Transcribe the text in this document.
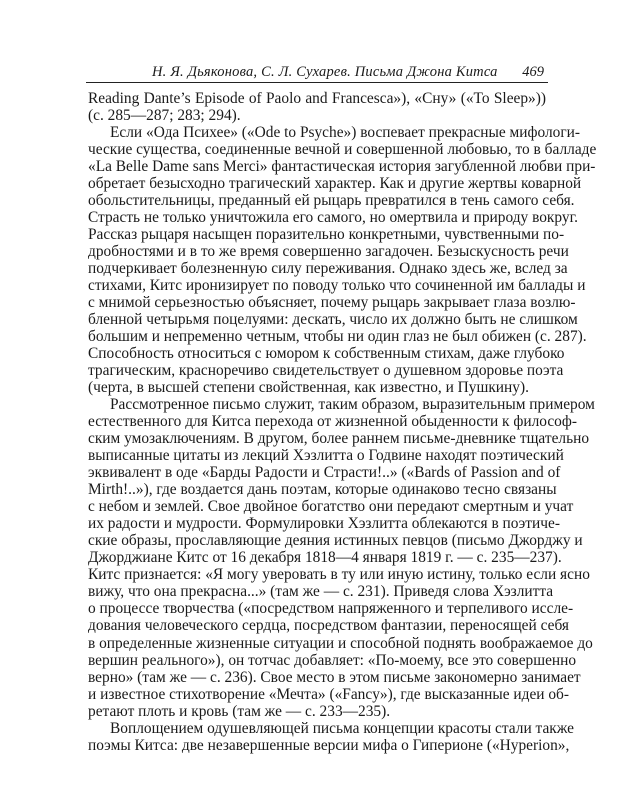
Н. Я. Дьяконова, С. Л. Сухарев. Письма Джона Китса 469
Reading Dante’s Episode of Paolo and Francesca»), «Сну» («To Sleep»))
(с. 285—287; 283; 294).
Если «Ода Психее» («Ode to Psyche») воспевает прекрасные мифологи-
ческие существа, соединенные вечной и совершенной любовью, то в балладе
«La Belle Dame sans Merci» фантастическая история загубленной любви при-
обретает безысходно трагический характер. Как и другие жертвы коварной
обольстительницы, преданный ей рыцарь превратился в тень самого себя.
Страсть не только уничтожила его самого, но омертвила и природу вокруг.
Рассказ рыцаря насыщен поразительно конкретными, чувственными по-
дробностями и в то же время совершенно загадочен. Безыскусность речи
подчеркивает болезненную силу переживания. Однако здесь же, вслед за
стихами, Китс иронизирует по поводу только что сочиненной им баллады и
с мнимой серьезностью объясняет, почему рыцарь закрывает глаза возлю-
бленной четырьмя поцелуями: дескать, число их должно быть не слишком
большим и непременно четным, чтобы ни один глаз не был обижен (с. 287).
Способность относиться с юмором к собственным стихам, даже глубоко
трагическим, красноречиво свидетельствует о душевном здоровье поэта
(черта, в высшей степени свойственная, как известно, и Пушкину).
Рассмотренное письмо служит, таким образом, выразительным примером
естественного для Китса перехода от жизненной обыденности к философ-
ским умозаключениям. В другом, более раннем письме-дневнике тщательно
выписанные цитаты из лекций Хэзлитта о Годвине находят поэтический
эквивалент в оде «Барды Радости и Страсти!..» («Bards of Passion and of
Mirth!..»), где воздается дань поэтам, которые одинаково тесно связаны
с небом и землей. Свое двойное богатство они передают смертным и учат
их радости и мудрости. Формулировки Хэзлитта облекаются в поэтиче-
ские образы, прославляющие деяния истинных певцов (письмо Джорджу и
Джорджиане Китс от 16 декабря 1818—4 января 1819 г. — с. 235—237).
Китс признается: «Я могу уверовать в ту или иную истину, только если ясно
вижу, что она прекрасна...» (там же — с. 231). Приведя слова Хэзлитта
о процессе творчества («посредством напряженного и терпеливого иссле-
дования человеческого сердца, посредством фантазии, переносящей себя
в определенные жизненные ситуации и способной поднять воображаемое до
вершин реального»), он тотчас добавляет: «По-моему, все это совершенно
верно» (там же — с. 236). Свое место в этом письме закономерно занимает
и известное стихотворение «Мечта» («Fancy»), где высказанные идеи об-
ретают плоть и кровь (там же — с. 233—235).
Воплощением одушевляющей письма концепции красоты стали также
поэмы Китса: две незавершенные версии мифа о Гиперионе («Hyperion»,
